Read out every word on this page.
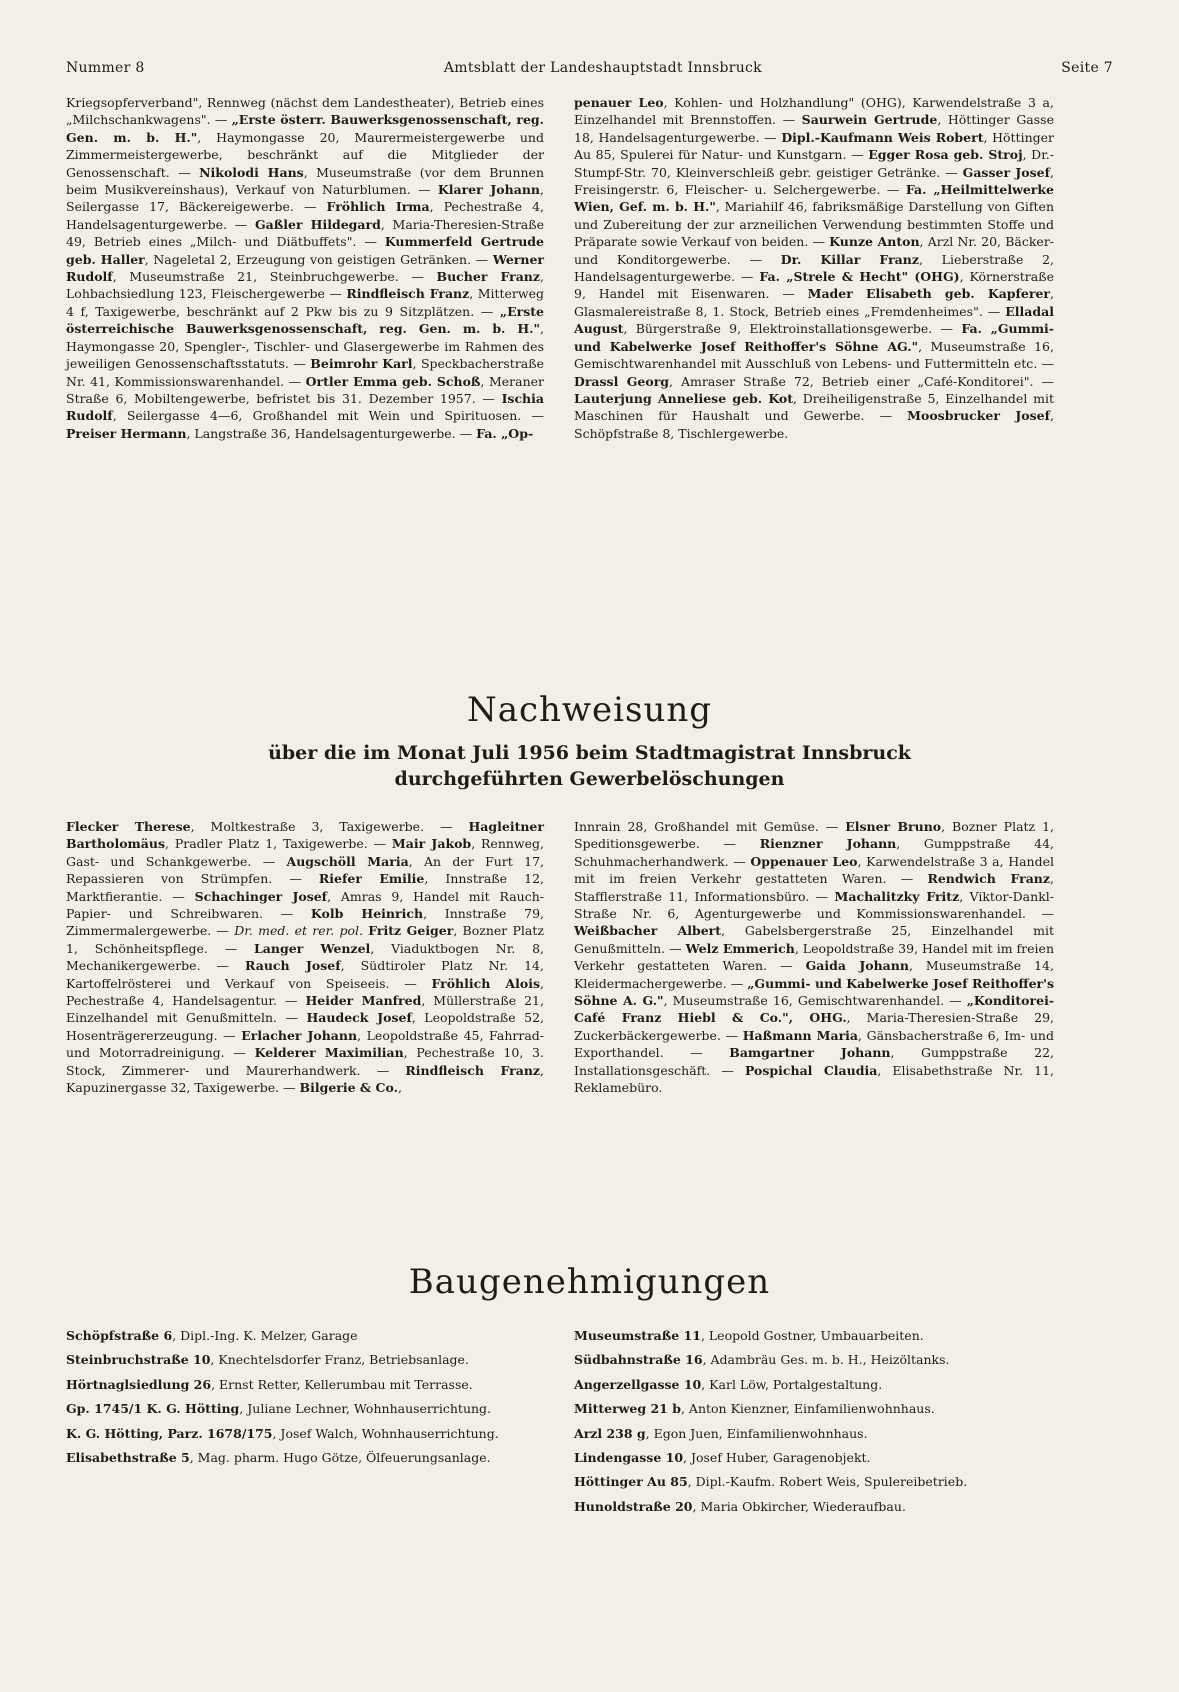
Nummer 8	Amtsblatt der Landeshauptstadt Innsbruck	Seite 7

Kriegsopferverband", Rennweg (nächst dem Landestheater), Betrieb eines „Milchschankwagens". — „Erste österr. Bauwerksgenossenschaft, reg. Gen. m. b. H.", Haymongasse 20, Maurermeistergewerbe und Zimmermeistergewerbe, beschränkt auf die Mitglieder der Genossenschaft. — Nikolodi Hans, Museumstraße (vor dem Brunnen beim Musikvereinshaus), Verkauf von Naturblumen. — Klarer Johann, Seilergasse 17, Bäckereigewerbe. — Fröhlich Irma, Pechestraße 4, Handelsagenturgewerbe. — Gaßler Hildegard, Maria-Theresien-Straße 49, Betrieb eines „Milch- und Diätbuffets". — Kummerfeld Gertrude geb. Haller, Nageletal 2, Erzeugung von geistigen Getränken. — Werner Rudolf, Museumstraße 21, Steinbruchgewerbe. — Bucher Franz, Lohbachsiedlung 123, Fleischergewerbe — Rindfleisch Franz, Mitterweg 4 f, Taxigewerbe, beschränkt auf 2 Pkw bis zu 9 Sitzplätzen. — „Erste österreichische Bauwerksgenossenschaft, reg. Gen. m. b. H.", Haymongasse 20, Spengler-, Tischler- und Glasergewerbe im Rahmen des jeweiligen Genossenschaftsstatuts. — Beimrohr Karl, Speckbacherstraße Nr. 41, Kommissionswarenhandel. — Ortler Emma geb. Schoß, Meraner Straße 6, Mobiltengewerbe, befristet bis 31. Dezember 1957. — Ischia Rudolf, Seilergasse 4—6, Großhandel mit Wein und Spirituosen. — Preiser Hermann, Langstraße 36, Handelsagenturgewerbe. — Fa. „Op-

penauer Leo, Kohlen- und Holzhandlung" (OHG), Karwendelstraße 3 a, Einzelhandel mit Brennstoffen. — Saurwein Gertrude, Höttinger Gasse 18, Handelsagenturgewerbe. — Dipl.-Kaufmann Weis Robert, Höttinger Au 85, Spulerei für Natur- und Kunstgarn. — Egger Rosa geb. Stroj, Dr.-Stumpf-Str. 70, Kleinverschleiß gebr. geistiger Getränke. — Gasser Josef, Freisingerstr. 6, Fleischer- u. Selchergewerbe. — Fa. „Heilmittelwerke Wien, Gef. m. b. H.", Mariahilf 46, fabriksmäßige Darstellung von Giften und Zubereitung der zur arzneilichen Verwendung bestimmten Stoffe und Präparate sowie Verkauf von beiden. — Kunze Anton, Arzl Nr. 20, Bäcker- und Konditorgewerbe. — Dr. Killar Franz, Lieberstraße 2, Handelsagenturgewerbe. — Fa. „Strele & Hecht" (OHG), Körnerstraße 9, Handel mit Eisenwaren. — Mader Elisabeth geb. Kapferer, Glasmalereistraße 8, 1. Stock, Betrieb eines „Fremdenheimes". — Elladal August, Bürgerstraße 9, Elektroinstallationsgewerbe. — Fa. „Gummi- und Kabelwerke Josef Reithoffer's Söhne AG.", Museumstraße 16, Gemischtwarenhandel mit Ausschluß von Lebens- und Futtermitteln etc. — Drassl Georg, Amraser Straße 72, Betrieb einer „Café-Konditorei". — Lauterjung Anneliese geb. Kot, Dreiheiligenstraße 5, Einzelhandel mit Maschinen für Haushalt und Gewerbe. — Moosbrucker Josef, Schöpfstraße 8, Tischlergewerbe.

Nachweisung
über die im Monat Juli 1956 beim Stadtmagistrat Innsbruck
durchgeführten Gewerbelöschungen

Flecker Therese, Moltkestraße 3, Taxigewerbe. — Hagleitner Bartholomäus, Pradler Platz 1, Taxigewerbe. — Mair Jakob, Rennweg, Gast- und Schankgewerbe. — Augschöll Maria, An der Furt 17, Repassieren von Strümpfen. — Riefer Emilie, Innstraße 12, Marktfierantie. — Schachinger Josef, Amras 9, Handel mit Rauch- Papier- und Schreibwaren. — Kolb Heinrich, Innstraße 79, Zimmermalergewerbe. — Dr. med. et rer. pol. Fritz Geiger, Bozner Platz 1, Schönheitspflege. — Langer Wenzel, Viaduktbogen Nr. 8, Mechanikergewerbe. — Rauch Josef, Südtiroler Platz Nr. 14, Kartoffelrösterei und Verkauf von Speiseeis. — Fröhlich Alois, Pechestraße 4, Handelsagentur. — Heider Manfred, Müllerstraße 21, Einzelhandel mit Genußmitteln. — Haudeck Josef, Leopoldstraße 52, Hosenträgererzeugung. — Erlacher Johann, Leopoldstraße 45, Fahrrad- und Motorradreinigung. — Kelderer Maximilian, Pechestraße 10, 3. Stock, Zimmerer- und Maurerhandwerk. — Rindfleisch Franz, Kapuzinergasse 32, Taxigewerbe. — Bilgerie & Co.,

Innrain 28, Großhandel mit Gemüse. — Elsner Bruno, Bozner Platz 1, Speditionsgewerbe. — Rienzner Johann, Gumppstraße 44, Schuhmacherhandwerk. — Oppenauer Leo, Karwendelstraße 3 a, Handel mit im freien Verkehr gestatteten Waren. — Rendwich Franz, Stafflerstraße 11, Informationsbüro. — Machalitzky Fritz, Viktor-Dankl-Straße Nr. 6, Agenturgewerbe und Kommissionswarenhandel. — Weißbacher Albert, Gabelsbergerstraße 25, Einzelhandel mit Genußmitteln. — Welz Emmerich, Leopoldstraße 39, Handel mit im freien Verkehr gestatteten Waren. — Gaida Johann, Museumstraße 14, Kleidermachergewerbe. — „Gummi- und Kabelwerke Josef Reithoffer's Söhne A. G.", Museumstraße 16, Gemischtwarenhandel. — „Konditorei-Café Franz Hiebl & Co.", OHG., Maria-Theresien-Straße 29, Zuckerbäckergewerbe. — Haßmann Maria, Gänsbacherstraße 6, Im- und Exporthandel. — Bamgartner Johann, Gumppstraße 22, Installationsgeschäft. — Pospichal Claudia, Elisabethstraße Nr. 11, Reklamebüro.

Baugenehmigungen
Schöpfstraße 6, Dipl.-Ing. K. Melzer, Garage
Steinbruchstraße 10, Knechtelsdorfer Franz, Betriebsanlage.
Hörtnaglsiedlung 26, Ernst Retter, Kellerumbau mit Terrasse.
Gp. 1745/1 K. G. Hötting, Juliane Lechner, Wohnhauserrichtung.
K. G. Hötting, Parz. 1678/175, Josef Walch, Wohnhauserrichtung.
Elisabethstraße 5, Mag. pharm. Hugo Götze, Ölfeuerungsanlage.
Museumstraße 11, Leopold Gostner, Umbauarbeiten.
Südbahnstraße 16, Adambräu Ges. m. b. H., Heizöltanks.
Angerzellgasse 10, Karl Löw, Portalgestaltung.
Mitterweg 21 b, Anton Kienzner, Einfamilienwohnhaus.
Arzl 238 g, Egon Juen, Einfamilienwohnhaus.
Lindengasse 10, Josef Huber, Garagenobjekt.
Höttinger Au 85, Dipl.-Kaufm. Robert Weis, Spulereibetrieb.
Hunoldstraße 20, Maria Obkircher, Wiederaufbau.
